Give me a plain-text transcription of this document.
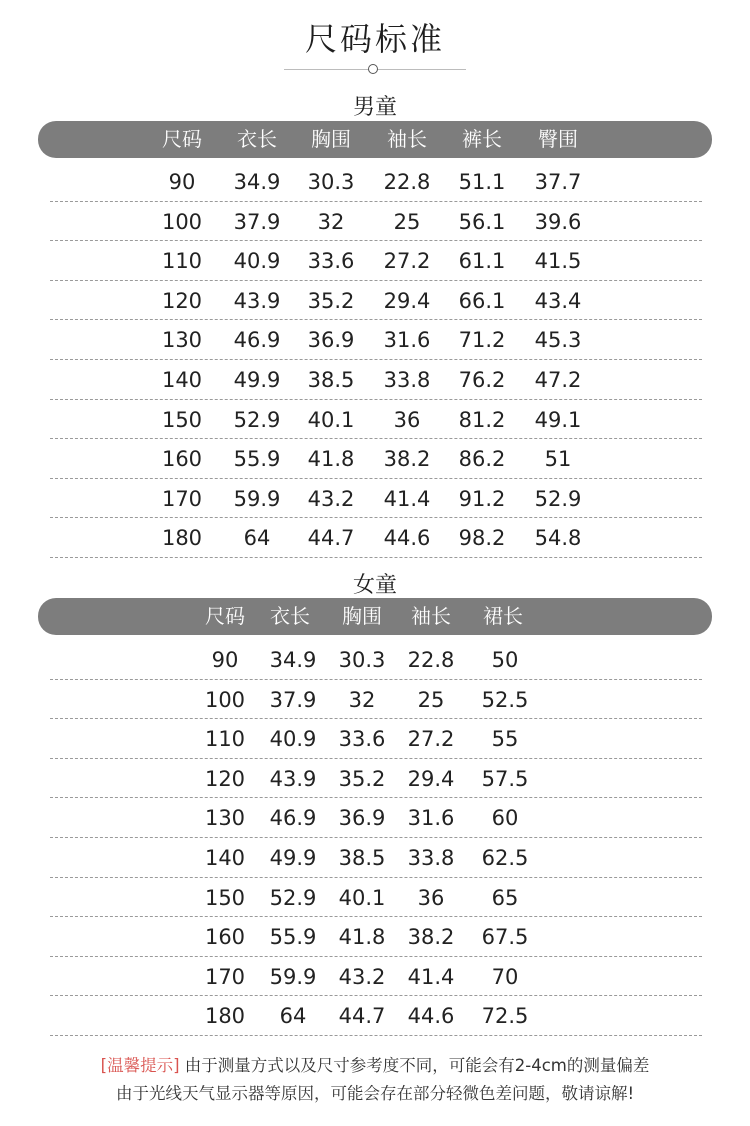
尺码标准
男童
尺码 衣长 胸围 袖长 裤长 臀围
90 34.9 30.3 22.8 51.1 37.7
100 37.9 32 25 56.1 39.6
110 40.9 33.6 27.2 61.1 41.5
120 43.9 35.2 29.4 66.1 43.4
130 46.9 36.9 31.6 71.2 45.3
140 49.9 38.5 33.8 76.2 47.2
150 52.9 40.1 36 81.2 49.1
160 55.9 41.8 38.2 86.2 51
170 59.9 43.2 41.4 91.2 52.9
180 64 44.7 44.6 98.2 54.8
女童
尺码 衣长 胸围 袖长 裙长
90 34.9 30.3 22.8 50
100 37.9 32 25 52.5
110 40.9 33.6 27.2 55
120 43.9 35.2 29.4 57.5
130 46.9 36.9 31.6 60
140 49.9 38.5 33.8 62.5
150 52.9 40.1 36 65
160 55.9 41.8 38.2 67.5
170 59.9 43.2 41.4 70
180 64 44.7 44.6 72.5
[温馨提示] 由于测量方式以及尺寸参考度不同，可能会有2-4cm的测量偏差
由于光线天气显示器等原因，可能会存在部分轻微色差问题，敬请谅解!
